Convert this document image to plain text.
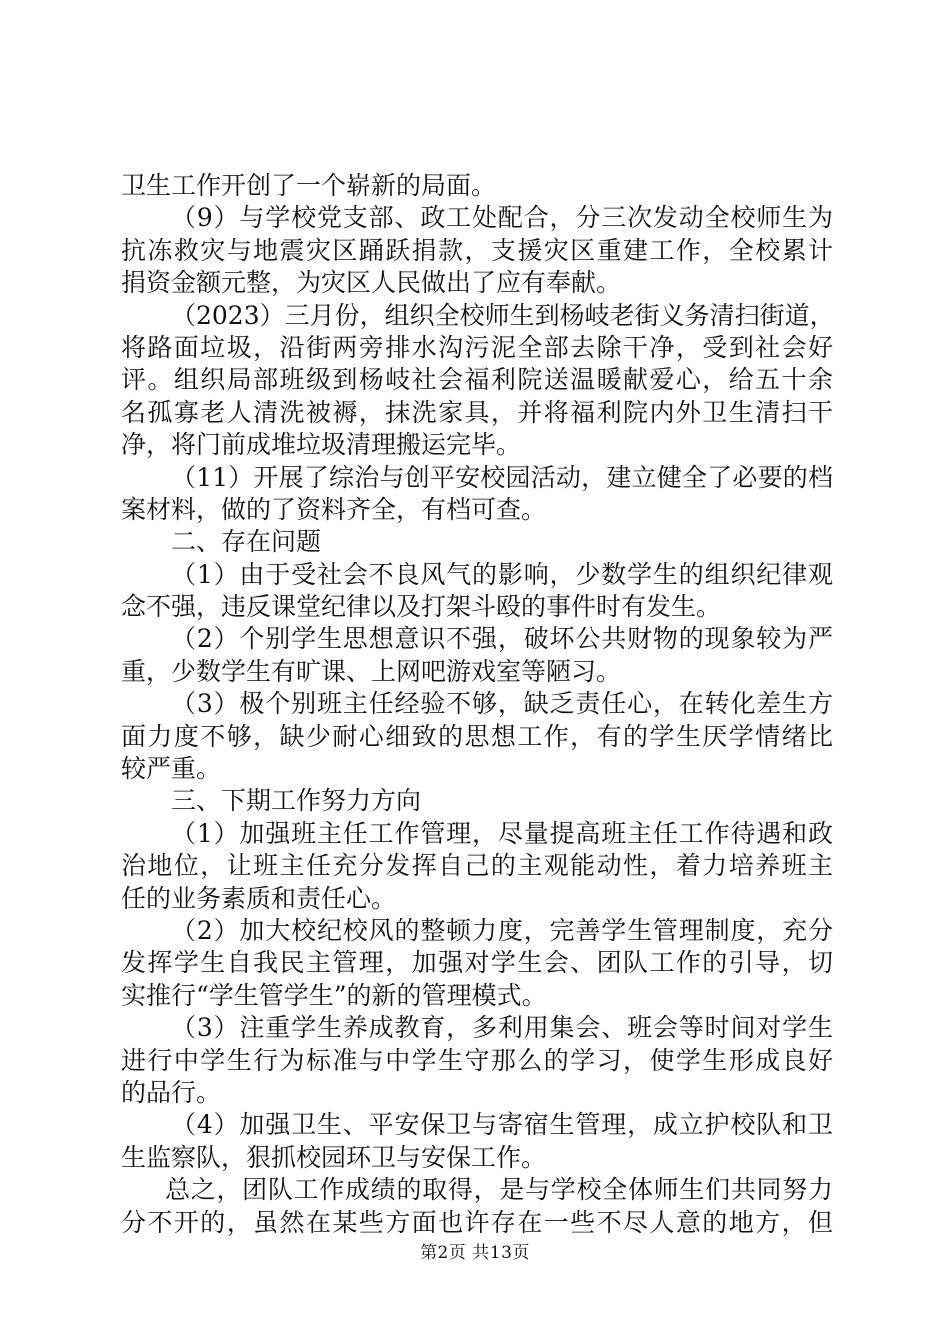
卫生工作开创了一个崭新的局面。
（9）与学校党支部、政工处配合，分三次发动全校师生为
抗冻救灾与地震灾区踊跃捐款，支援灾区重建工作，全校累计
捐资金额元整，为灾区人民做出了应有奉献。
（2023）三月份，组织全校师生到杨岐老街义务清扫街道，
将路面垃圾，沿街两旁排水沟污泥全部去除干净，受到社会好
评。组织局部班级到杨岐社会福利院送温暖献爱心，给五十余
名孤寡老人清洗被褥，抹洗家具，并将福利院内外卫生清扫干
净，将门前成堆垃圾清理搬运完毕。
（11）开展了综治与创平安校园活动，建立健全了必要的档
案材料，做的了资料齐全，有档可查。
二、存在问题
（1）由于受社会不良风气的影响，少数学生的组织纪律观
念不强，违反课堂纪律以及打架斗殴的事件时有发生。
（2）个别学生思想意识不强，破坏公共财物的现象较为严
重，少数学生有旷课、上网吧游戏室等陋习。
（3）极个别班主任经验不够，缺乏责任心，在转化差生方
面力度不够，缺少耐心细致的思想工作，有的学生厌学情绪比
较严重。
三、下期工作努力方向
（1）加强班主任工作管理，尽量提高班主任工作待遇和政
治地位，让班主任充分发挥自己的主观能动性，着力培养班主
任的业务素质和责任心。
（2）加大校纪校风的整顿力度，完善学生管理制度，充分
发挥学生自我民主管理，加强对学生会、团队工作的引导，切
实推行“学生管学生”的新的管理模式。
（3）注重学生养成教育，多利用集会、班会等时间对学生
进行中学生行为标准与中学生守那么的学习，使学生形成良好
的品行。
（4）加强卫生、平安保卫与寄宿生管理，成立护校队和卫
生监察队，狠抓校园环卫与安保工作。
总之，团队工作成绩的取得，是与学校全体师生们共同努力
分不开的，虽然在某些方面也许存在一些不尽人意的地方，但
第2页 共13页
